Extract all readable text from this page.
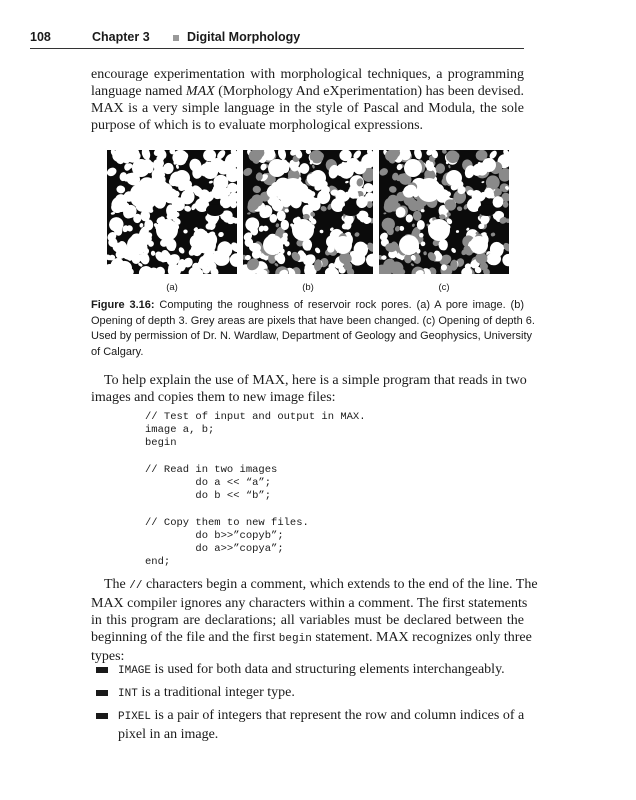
108	Chapter 3	Digital Morphology

encourage experimentation with morphological techniques, a programming
language named MAX (Morphology And eXperimentation) has been devised.
MAX is a very simple language in the style of Pascal and Modula, the sole
purpose of which is to evaluate morphological expressions.

(a)	(b)	(c)

Figure 3.16: Computing the roughness of reservoir rock pores. (a) A pore image. (b)
Opening of depth 3. Grey areas are pixels that have been changed. (c) Opening of depth 6.
Used by permission of Dr. N. Wardlaw, Department of Geology and Geophysics, University
of Calgary.

To help explain the use of MAX, here is a simple program that reads in two
images and copies them to new image files:

// Test of input and output in MAX.
image a, b;
begin
// Read in two images
do a << “a”;
do b << “b”;
// Copy them to new files.
do b>>”copyb”;
do a>>”copya”;
end;

The // characters begin a comment, which extends to the end of the line. The
MAX compiler ignores any characters within a comment. The first statements
in this program are declarations; all variables must be declared between the
beginning of the file and the first begin statement. MAX recognizes only three
types:

IMAGE is used for both data and structuring elements interchangeably.
INT is a traditional integer type.
PIXEL is a pair of integers that represent the row and column indices of a
pixel in an image.
